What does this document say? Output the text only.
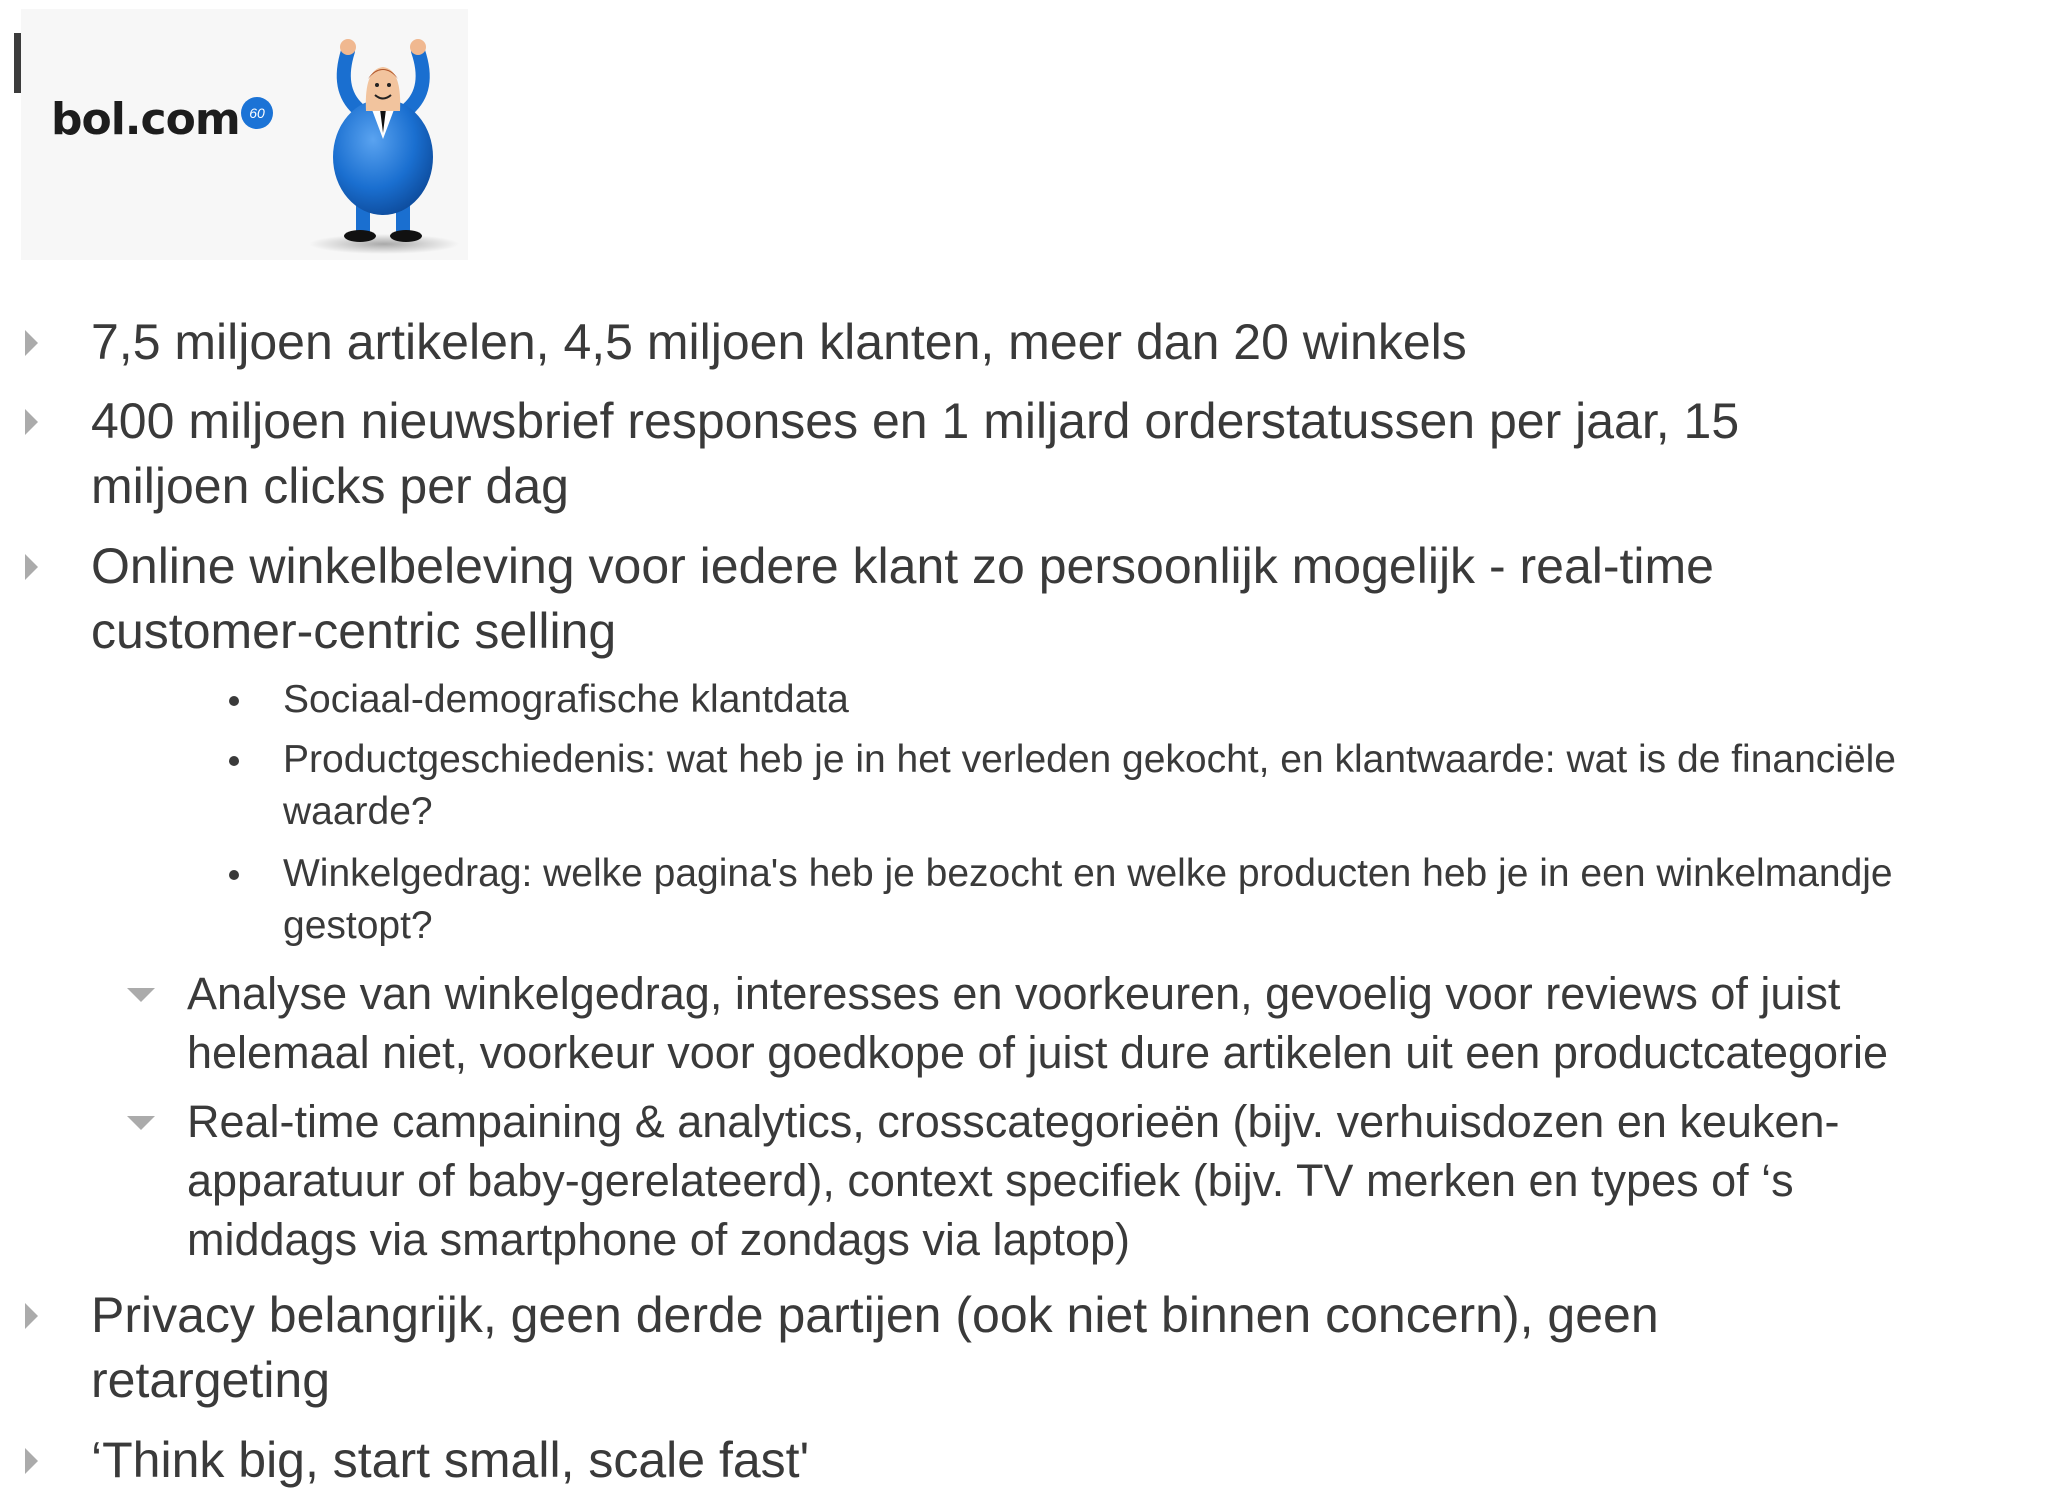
bol.com 60
7,5 miljoen artikelen, 4,5 miljoen klanten, meer dan 20 winkels
400 miljoen nieuwsbrief responses en 1 miljard orderstatussen per jaar, 15
miljoen clicks per dag
Online winkelbeleving voor iedere klant zo persoonlijk mogelijk - real-time
customer-centric selling
Sociaal-demografische klantdata
Productgeschiedenis: wat heb je in het verleden gekocht, en klantwaarde: wat is de financiële
waarde?
Winkelgedrag: welke pagina's heb je bezocht en welke producten heb je in een winkelmandje
gestopt?
Analyse van winkelgedrag, interesses en voorkeuren, gevoelig voor reviews of juist
helemaal niet, voorkeur voor goedkope of juist dure artikelen uit een productcategorie
Real-time campaining & analytics, crosscategorieën (bijv. verhuisdozen en keuken-
apparatuur of baby-gerelateerd), context specifiek (bijv. TV merken en types of ‘s
middags via smartphone of zondags via laptop)
Privacy belangrijk, geen derde partijen (ook niet binnen concern), geen
retargeting
‘Think big, start small, scale fast'
